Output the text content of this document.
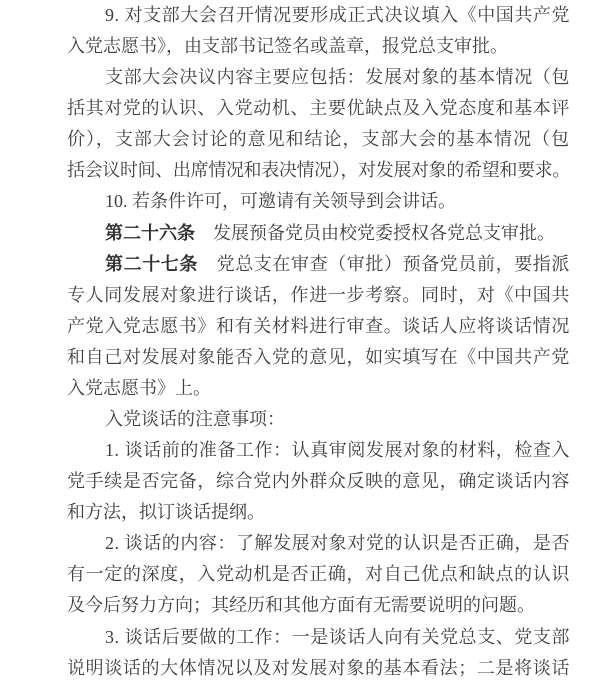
9. 对支部大会召开情况要形成正式决议填入《中国共产党
入党志愿书》，由支部书记签名或盖章，报党总支审批。
支部大会决议内容主要应包括：发展对象的基本情况（包
括其对党的认识、入党动机、主要优缺点及入党态度和基本评
价），支部大会讨论的意见和结论，支部大会的基本情况（包
括会议时间、出席情况和表决情况），对发展对象的希望和要求。
10. 若条件许可，可邀请有关领导到会讲话。
第二十六条　发展预备党员由校党委授权各党总支审批。
第二十七条　党总支在审查（审批）预备党员前，要指派
专人同发展对象进行谈话，作进一步考察。同时，对《中国共
产党入党志愿书》和有关材料进行审查。谈话人应将谈话情况
和自己对发展对象能否入党的意见，如实填写在《中国共产党
入党志愿书》上。
入党谈话的注意事项：
1. 谈话前的准备工作：认真审阅发展对象的材料，检查入
党手续是否完备，综合党内外群众反映的意见，确定谈话内容
和方法，拟订谈话提纲。
2. 谈话的内容：了解发展对象对党的认识是否正确，是否
有一定的深度，入党动机是否正确，对自己优点和缺点的认识
及今后努力方向；其经历和其他方面有无需要说明的问题。
3. 谈话后要做的工作：一是谈话人向有关党总支、党支部
说明谈话的大体情况以及对发展对象的基本看法；二是将谈话
